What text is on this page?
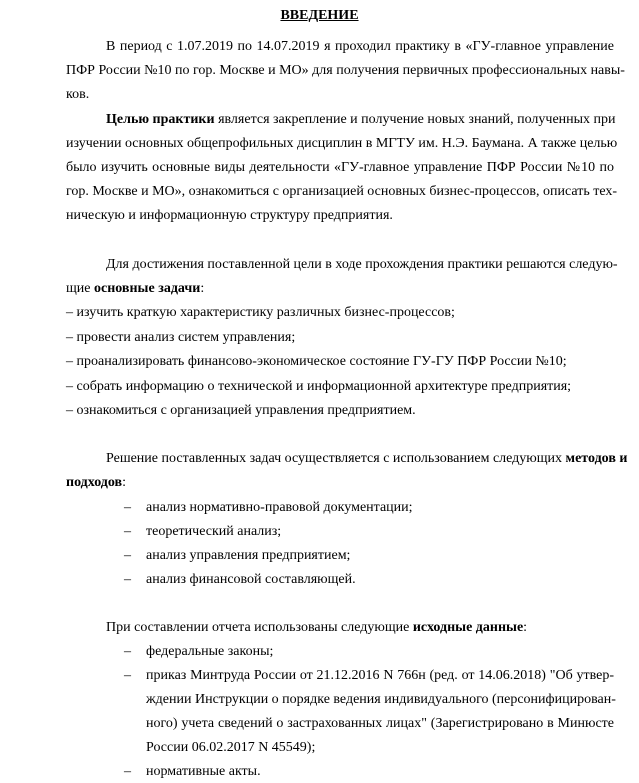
ВВЕДЕНИЕ
В период с 1.07.2019 по 14.07.2019 я проходил практику в «ГУ-главное управление
ПФР России №10 по гор. Москве и МО» для получения первичных профессиональных навы-
ков.
Целью практики является закрепление и получение новых знаний, полученных при
изучении основных общепрофильных дисциплин в МГТУ им. Н.Э. Баумана. А также целью
было изучить основные виды деятельности «ГУ-главное управление ПФР России №10 по
гор. Москве и МО», ознакомиться с организацией основных бизнес-процессов, описать тех-
ническую и информационную структуру предприятия.
Для достижения поставленной цели в ходе прохождения практики решаются следую-
щие основные задачи:
– изучить краткую характеристику различных бизнес-процессов;
– провести анализ систем управления;
– проанализировать финансово-экономическое состояние ГУ-ГУ ПФР России №10;
– собрать информацию о технической и информационной архитектуре предприятия;
– ознакомиться с организацией управления предприятием.
Решение поставленных задач осуществляется с использованием следующих методов и
подходов:
– анализ нормативно-правовой документации;
– теоретический анализ;
– анализ управления предприятием;
– анализ финансовой составляющей.
При составлении отчета использованы следующие исходные данные:
– федеральные законы;
– приказ Минтруда России от 21.12.2016 N 766н (ред. от 14.06.2018) "Об утвер-
ждении Инструкции о порядке ведения индивидуального (персонифицирован-
ного) учета сведений о застрахованных лицах" (Зарегистрировано в Минюсте
России 06.02.2017 N 45549);
– нормативные акты.
